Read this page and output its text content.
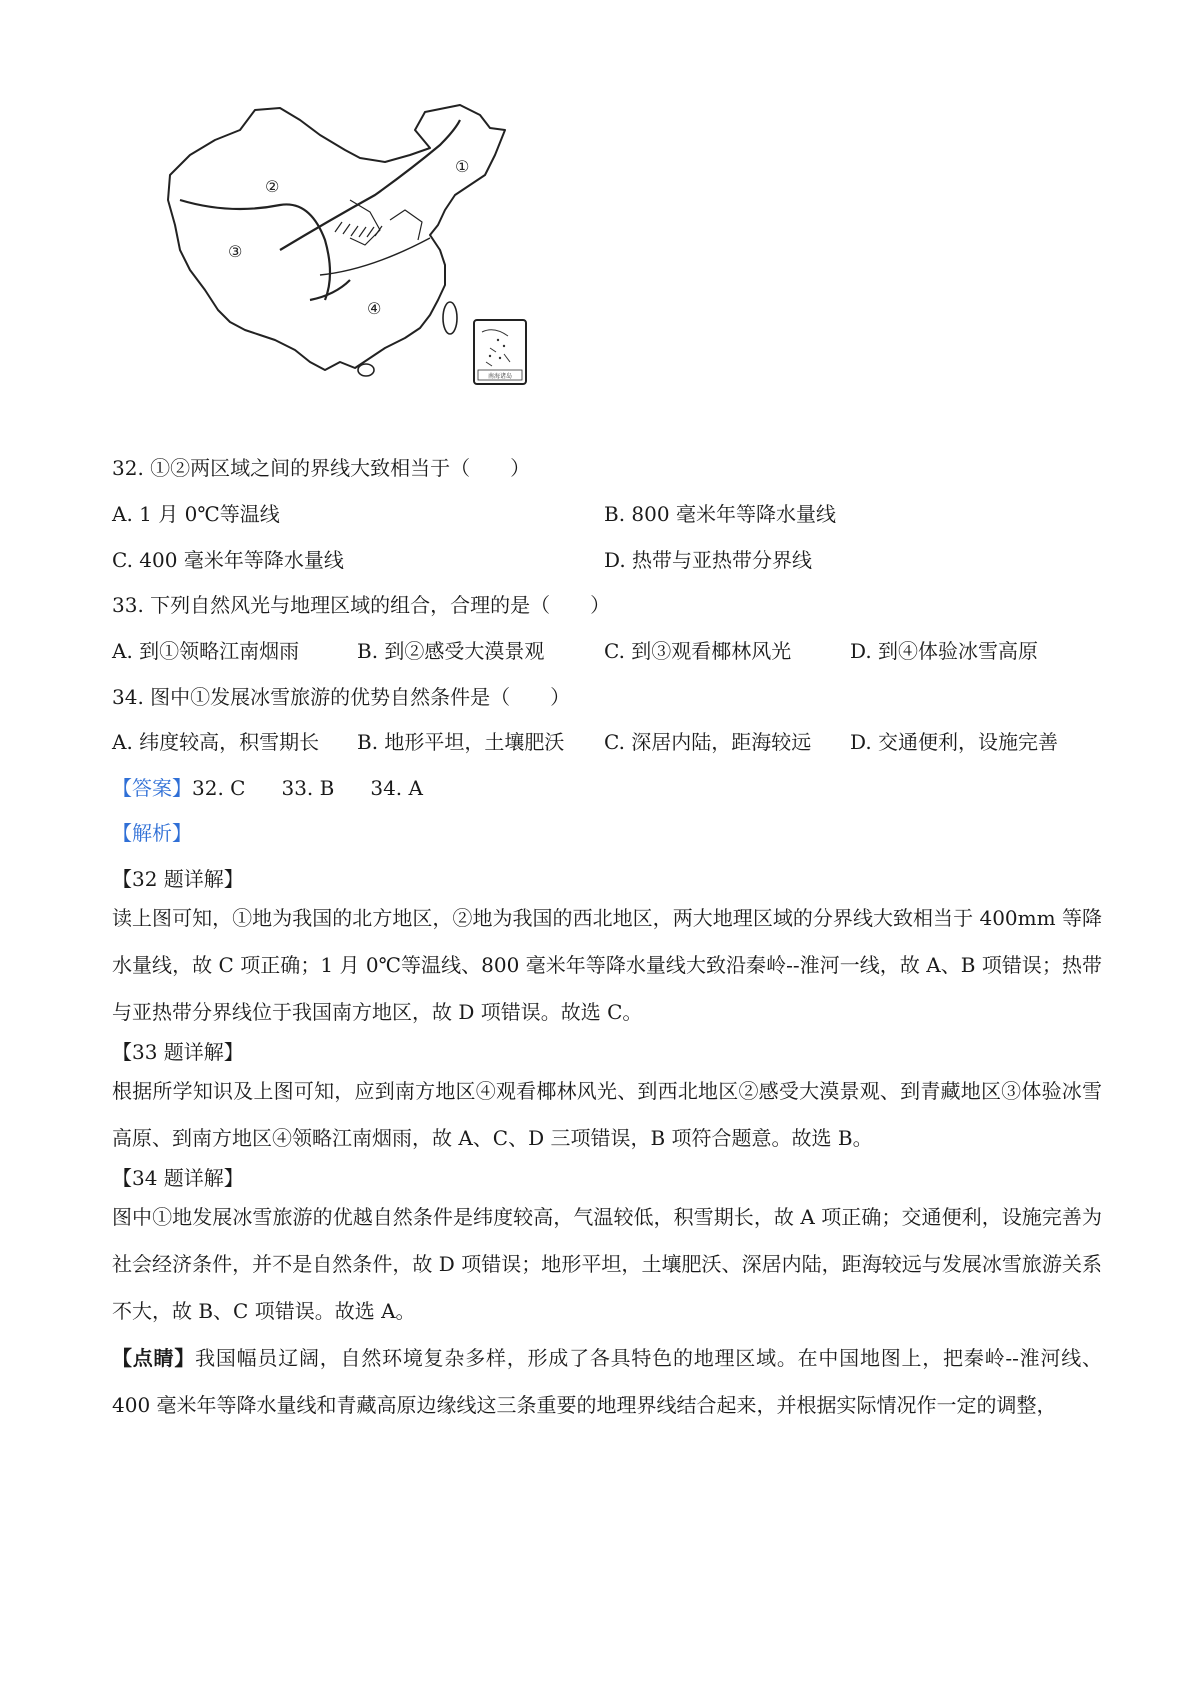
①
②
③
④
南海诸岛
32. ①②两区域之间的界线大致相当于（　　）
A. 1 月 0℃等温线	B. 800 毫米年等降水量线
C. 400 毫米年等降水量线	D. 热带与亚热带分界线
33. 下列自然风光与地理区域的组合，合理的是（　　）
A. 到①领略江南烟雨	B. 到②感受大漠景观	C. 到③观看椰林风光	D. 到④体验冰雪高原
34. 图中①发展冰雪旅游的优势自然条件是（　　）
A. 纬度较高，积雪期长 B. 地形平坦，土壤肥沃 C. 深居内陆，距海较远 D. 交通便利，设施完善
【答案】32. C 33. B 34. A
【解析】
【32 题详解】
读上图可知，①地为我国的北方地区，②地为我国的西北地区，两大地理区域的分界线大致相当于 400mm 等降水量线，故 C 项正确；1 月 0℃等温线、800 毫米年等降水量线大致沿秦岭--淮河一线，故 A、B 项错误；热带与亚热带分界线位于我国南方地区，故 D 项错误。故选 C。
【33 题详解】
根据所学知识及上图可知，应到南方地区④观看椰林风光、到西北地区②感受大漠景观、到青藏地区③体验冰雪高原、到南方地区④领略江南烟雨，故 A、C、D 三项错误，B 项符合题意。故选 B。
【34 题详解】
图中①地发展冰雪旅游的优越自然条件是纬度较高，气温较低，积雪期长，故 A 项正确；交通便利，设施完善为社会经济条件，并不是自然条件，故 D 项错误；地形平坦，土壤肥沃、深居内陆，距海较远与发展冰雪旅游关系不大，故 B、C 项错误。故选 A。
【点睛】我国幅员辽阔，自然环境复杂多样，形成了各具特色的地理区域。在中国地图上，把秦岭--淮河线、400 毫米年等降水量线和青藏高原边缘线这三条重要的地理界线结合起来，并根据实际情况作一定的调整，
